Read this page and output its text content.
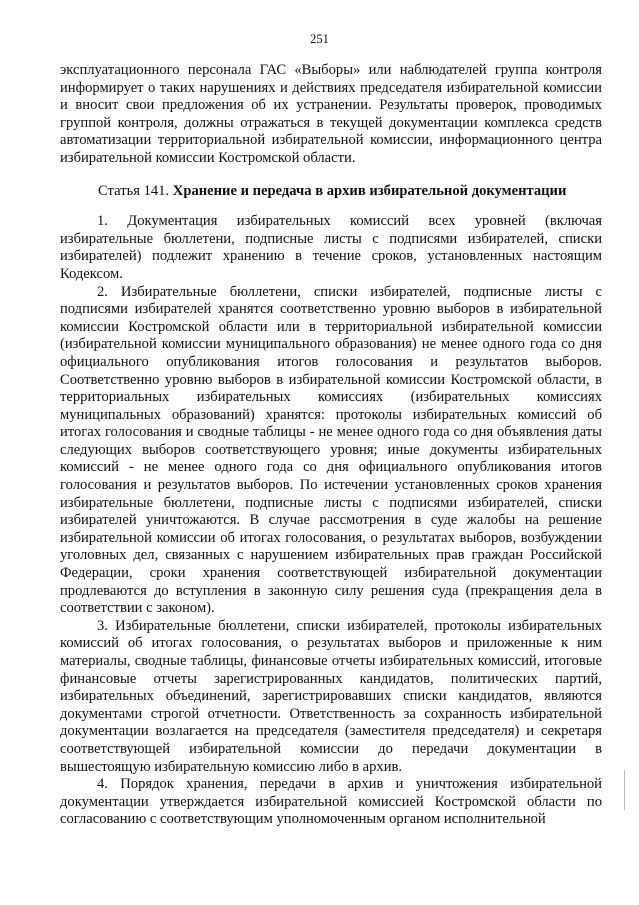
251

эксплуатационного персонала ГАС «Выборы» или наблюдателей группа контроля информирует о таких нарушениях и действиях председателя избирательной комиссии и вносит свои предложения об их устранении. Результаты проверок, проводимых группой контроля, должны отражаться в текущей документации комплекса средств автоматизации территориальной избирательной комиссии, информационного центра избирательной комиссии Костромской области.

Статья 141. Хранение и передача в архив избирательной документации

1. Документация избирательных комиссий всех уровней (включая избирательные бюллетени, подписные листы с подписями избирателей, списки избирателей) подлежит хранению в течение сроков, установленных настоящим Кодексом.

2. Избирательные бюллетени, списки избирателей, подписные листы с подписями избирателей хранятся соответственно уровню выборов в избирательной комиссии Костромской области или в территориальной избирательной комиссии (избирательной комиссии муниципального образования) не менее одного года со дня официального опубликования итогов голосования и результатов выборов. Соответственно уровню выборов в избирательной комиссии Костромской области, в территориальных избирательных комиссиях (избирательных комиссиях муниципальных образований) хранятся: протоколы избирательных комиссий об итогах голосования и сводные таблицы - не менее одного года со дня объявления даты следующих выборов соответствующего уровня; иные документы избирательных комиссий - не менее одного года со дня официального опубликования итогов голосования и результатов выборов. По истечении установленных сроков хранения избирательные бюллетени, подписные листы с подписями избирателей, списки избирателей уничтожаются. В случае рассмотрения в суде жалобы на решение избирательной комиссии об итогах голосования, о результатах выборов, возбуждении уголовных дел, связанных с нарушением избирательных прав граждан Российской Федерации, сроки хранения соответствующей избирательной документации продлеваются до вступления в законную силу решения суда (прекращения дела в соответствии с законом).

3. Избирательные бюллетени, списки избирателей, протоколы избирательных комиссий об итогах голосования, о результатах выборов и приложенные к ним материалы, сводные таблицы, финансовые отчеты избирательных комиссий, итоговые финансовые отчеты зарегистрированных кандидатов, политических партий, избирательных объединений, зарегистрировавших списки кандидатов, являются документами строгой отчетности. Ответственность за сохранность избирательной документации возлагается на председателя (заместителя председателя) и секретаря соответствующей избирательной комиссии до передачи документации в вышестоящую избирательную комиссию либо в архив.

4. Порядок хранения, передачи в архив и уничтожения избирательной документации утверждается избирательной комиссией Костромской области по согласованию с соответствующим уполномоченным органом исполнительной
